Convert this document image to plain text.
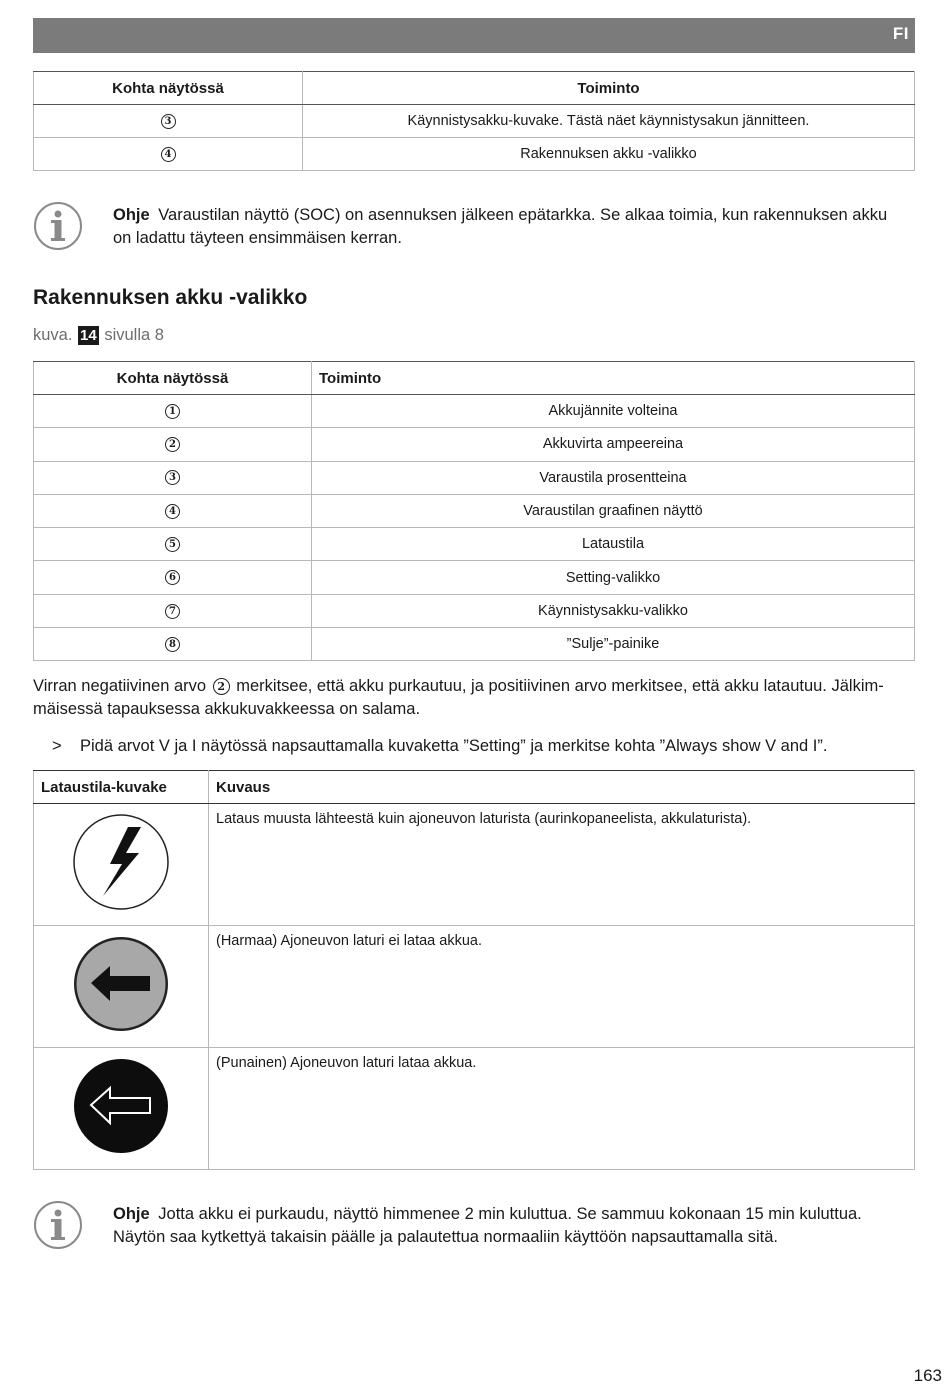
FI
Kohta näytössä	Toiminto
3	Käynnistysakku-kuvake. Tästä näet käynnistysakun jännitteen.
4	Rakennuksen akku -valikko
Ohje Varaustilan näyttö (SOC) on asennuksen jälkeen epätarkka. Se alkaa toimia, kun rakennuksen akku
on ladattu täyteen ensimmäisen kerran.
Rakennuksen akku -valikko
kuva. 14 sivulla 8
Kohta näytössä	Toiminto
1	Akkujännite volteina
2	Akkuvirta ampeereina
3	Varaustila prosentteina
4	Varaustilan graafinen näyttö
5	Lataustila
6	Setting-valikko
7	Käynnistysakku-valikko
8	”Sulje”-painike
Virran negatiivinen arvo 2 merkitsee, että akku purkautuu, ja positiivinen arvo merkitsee, että akku latautuu. Jälkim-
mäisessä tapauksessa akkukuvakkeessa on salama.
> Pidä arvot V ja I näytössä napsauttamalla kuvaketta ”Setting” ja merkitse kohta ”Always show V and I”.
Lataustila-kuvake	Kuvaus
	Lataus muusta lähteestä kuin ajoneuvon laturista (aurinkopaneelista, akkulaturista).
	(Harmaa) Ajoneuvon laturi ei lataa akkua.
	(Punainen) Ajoneuvon laturi lataa akkua.
Ohje Jotta akku ei purkaudu, näyttö himmenee 2 min kuluttua. Se sammuu kokonaan 15 min kuluttua.
Näytön saa kytkettyä takaisin päälle ja palautettua normaaliin käyttöön napsauttamalla sitä.
163
